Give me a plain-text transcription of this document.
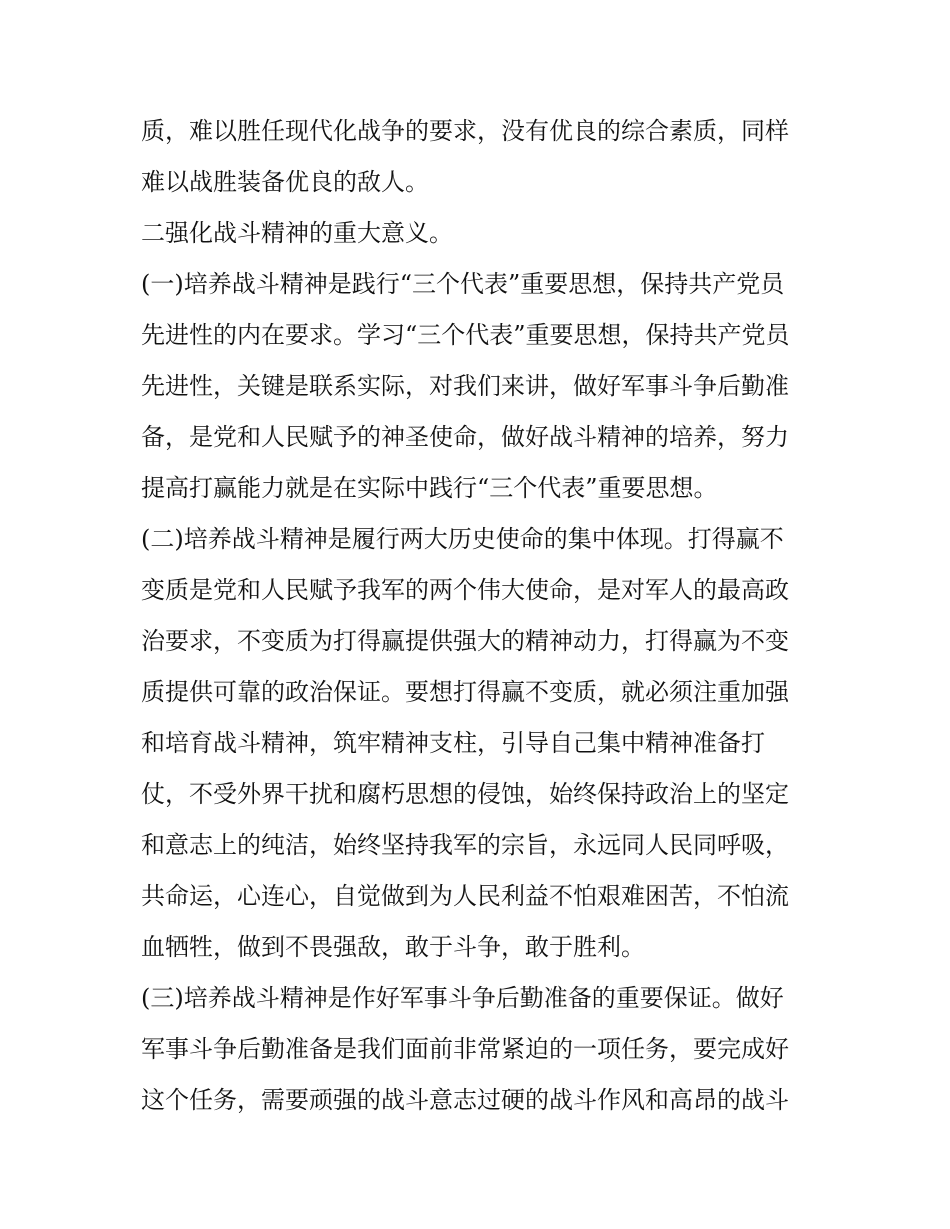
质，难以胜任现代化战争的要求，没有优良的综合素质，同样
难以战胜装备优良的敌人。
二强化战斗精神的重大意义。
(一)培养战斗精神是践行“三个代表”重要思想，保持共产党员
先进性的内在要求。学习“三个代表”重要思想，保持共产党员
先进性，关键是联系实际，对我们来讲，做好军事斗争后勤准
备，是党和人民赋予的神圣使命，做好战斗精神的培养，努力
提高打赢能力就是在实际中践行“三个代表”重要思想。
(二)培养战斗精神是履行两大历史使命的集中体现。打得赢不
变质是党和人民赋予我军的两个伟大使命，是对军人的最高政
治要求，不变质为打得赢提供强大的精神动力，打得赢为不变
质提供可靠的政治保证。要想打得赢不变质，就必须注重加强
和培育战斗精神，筑牢精神支柱，引导自己集中精神准备打
仗，不受外界干扰和腐朽思想的侵蚀，始终保持政治上的坚定
和意志上的纯洁，始终坚持我军的宗旨，永远同人民同呼吸，
共命运，心连心，自觉做到为人民利益不怕艰难困苦，不怕流
血牺牲，做到不畏强敌，敢于斗争，敢于胜利。
(三)培养战斗精神是作好军事斗争后勤准备的重要保证。做好
军事斗争后勤准备是我们面前非常紧迫的一项任务，要完成好
这个任务，需要顽强的战斗意志过硬的战斗作风和高昂的战斗
